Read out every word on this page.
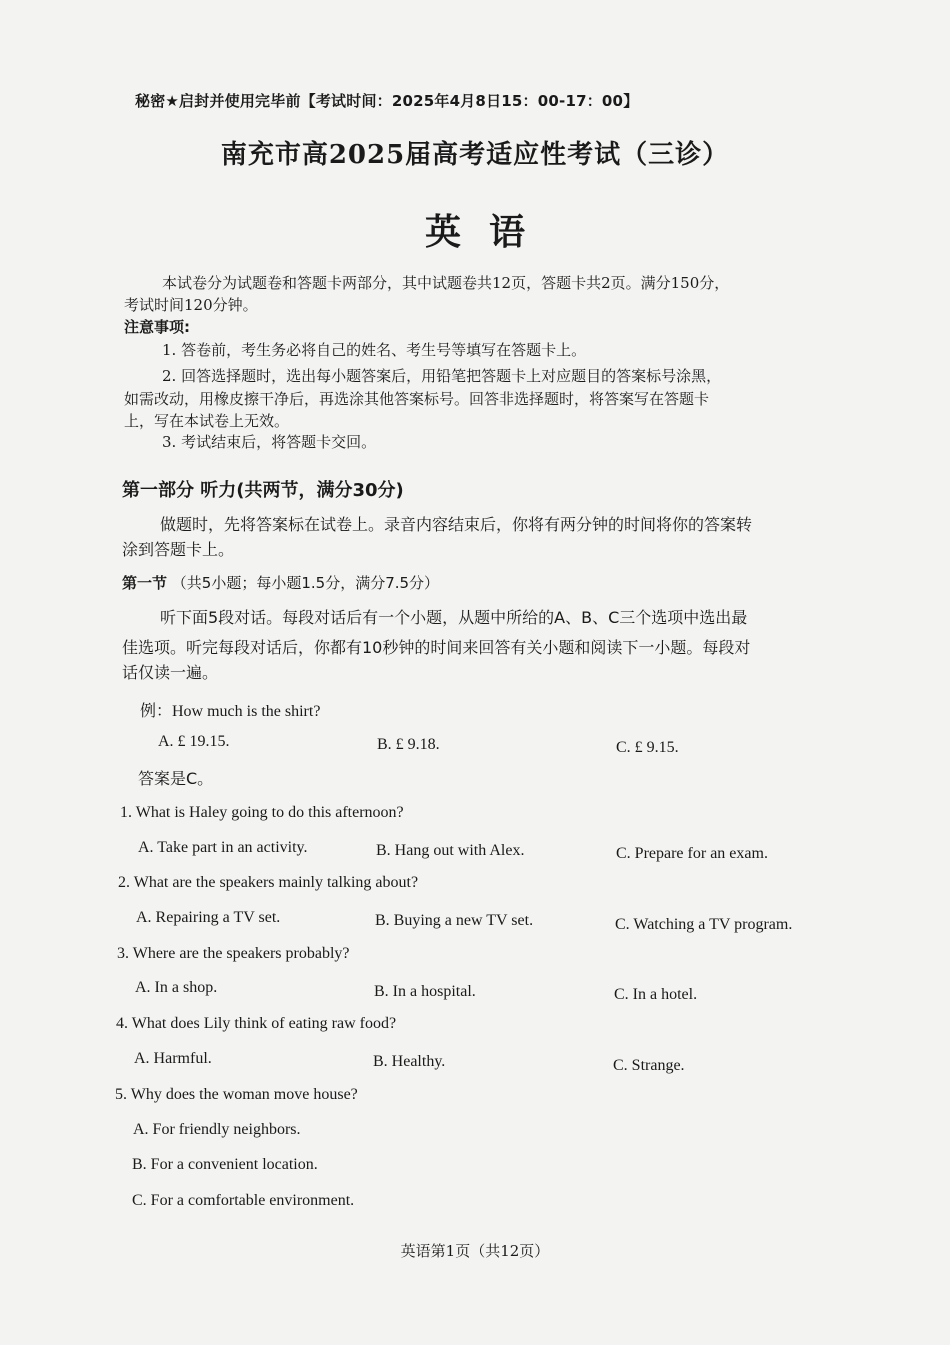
秘密★启封并使用完毕前【考试时间：2025年4月8日15：00-17：00】
南充市高2025届高考适应性考试（三诊）
英语
本试卷分为试题卷和答题卡两部分，其中试题卷共12页，答题卡共2页。满分150分，
考试时间120分钟。
注意事项:
1. 答卷前，考生务必将自己的姓名、考生号等填写在答题卡上。
2. 回答选择题时，选出每小题答案后，用铅笔把答题卡上对应题目的答案标号涂黑，
如需改动，用橡皮擦干净后，再选涂其他答案标号。回答非选择题时，将答案写在答题卡
上，写在本试卷上无效。
3. 考试结束后，将答题卡交回。
第一部分 听力(共两节，满分30分)
做题时，先将答案标在试卷上。录音内容结束后，你将有两分钟的时间将你的答案转
涂到答题卡上。
第一节 （共5小题；每小题1.5分，满分7.5分）
听下面5段对话。每段对话后有一个小题，从题中所给的A、B、C三个选项中选出最
佳选项。听完每段对话后，你都有10秒钟的时间来回答有关小题和阅读下一小题。每段对
话仅读一遍。
例：How much is the shirt?
A. £ 19.15.	B. £ 9.18.	C. £ 9.15.
答案是C。
1. What is Haley going to do this afternoon?
A. Take part in an activity.	B. Hang out with Alex.	C. Prepare for an exam.
2. What are the speakers mainly talking about?
A. Repairing a TV set.	B. Buying a new TV set.	C. Watching a TV program.
3. Where are the speakers probably?
A. In a shop.	B. In a hospital.	C. In a hotel.
4. What does Lily think of eating raw food?
A. Harmful.	B. Healthy.	C. Strange.
5. Why does the woman move house?
A. For friendly neighbors.
B. For a convenient location.
C. For a comfortable environment.
英语第1页（共12页）
